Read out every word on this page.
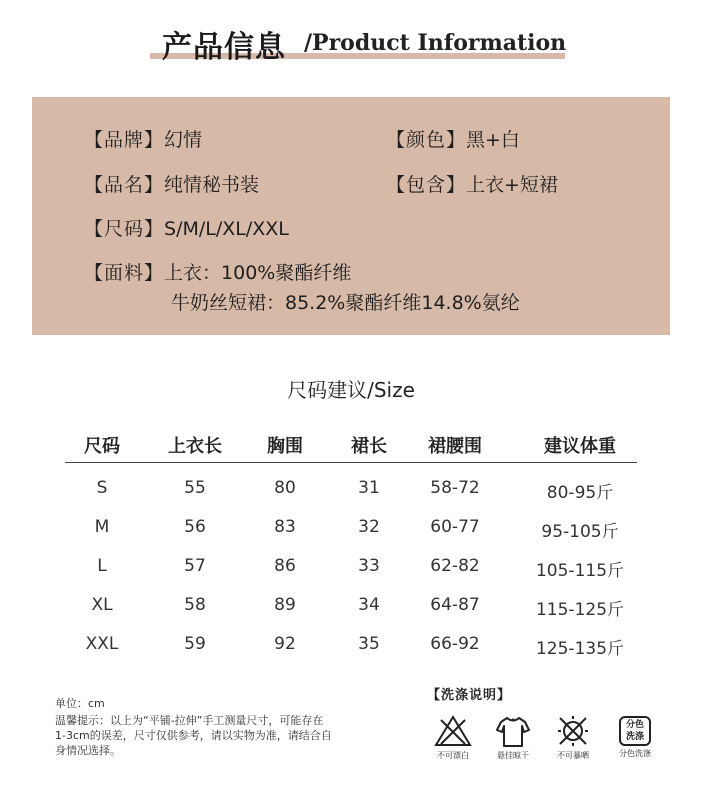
产品信息 /Product Information
【品牌】幻情	【颜色】黑+白
【品名】纯情秘书装	【包含】上衣+短裙
【尺码】S/M/L/XL/XXL
【面料】上衣：100%聚酯纤维
牛奶丝短裙：85.2%聚酯纤维14.8%氨纶
尺码建议/Size
尺码	上衣长	胸围	裙长	裙腰围	建议体重
S	55	80	31	58-72	80-95斤
M	56	83	32	60-77	95-105斤
L	57	86	33	62-82	105-115斤
XL	58	89	34	64-87	115-125斤
XXL	59	92	35	66-92	125-135斤
单位：cm
温馨提示：以上为“平铺-拉伸”手工测量尺寸，可能存在
1-3cm的误差，尺寸仅供参考，请以实物为准，请结合自
身情况选择。
【洗涤说明】
不可漂白	悬挂晾干	不可暴晒
分色
洗涤
分色洗涤
